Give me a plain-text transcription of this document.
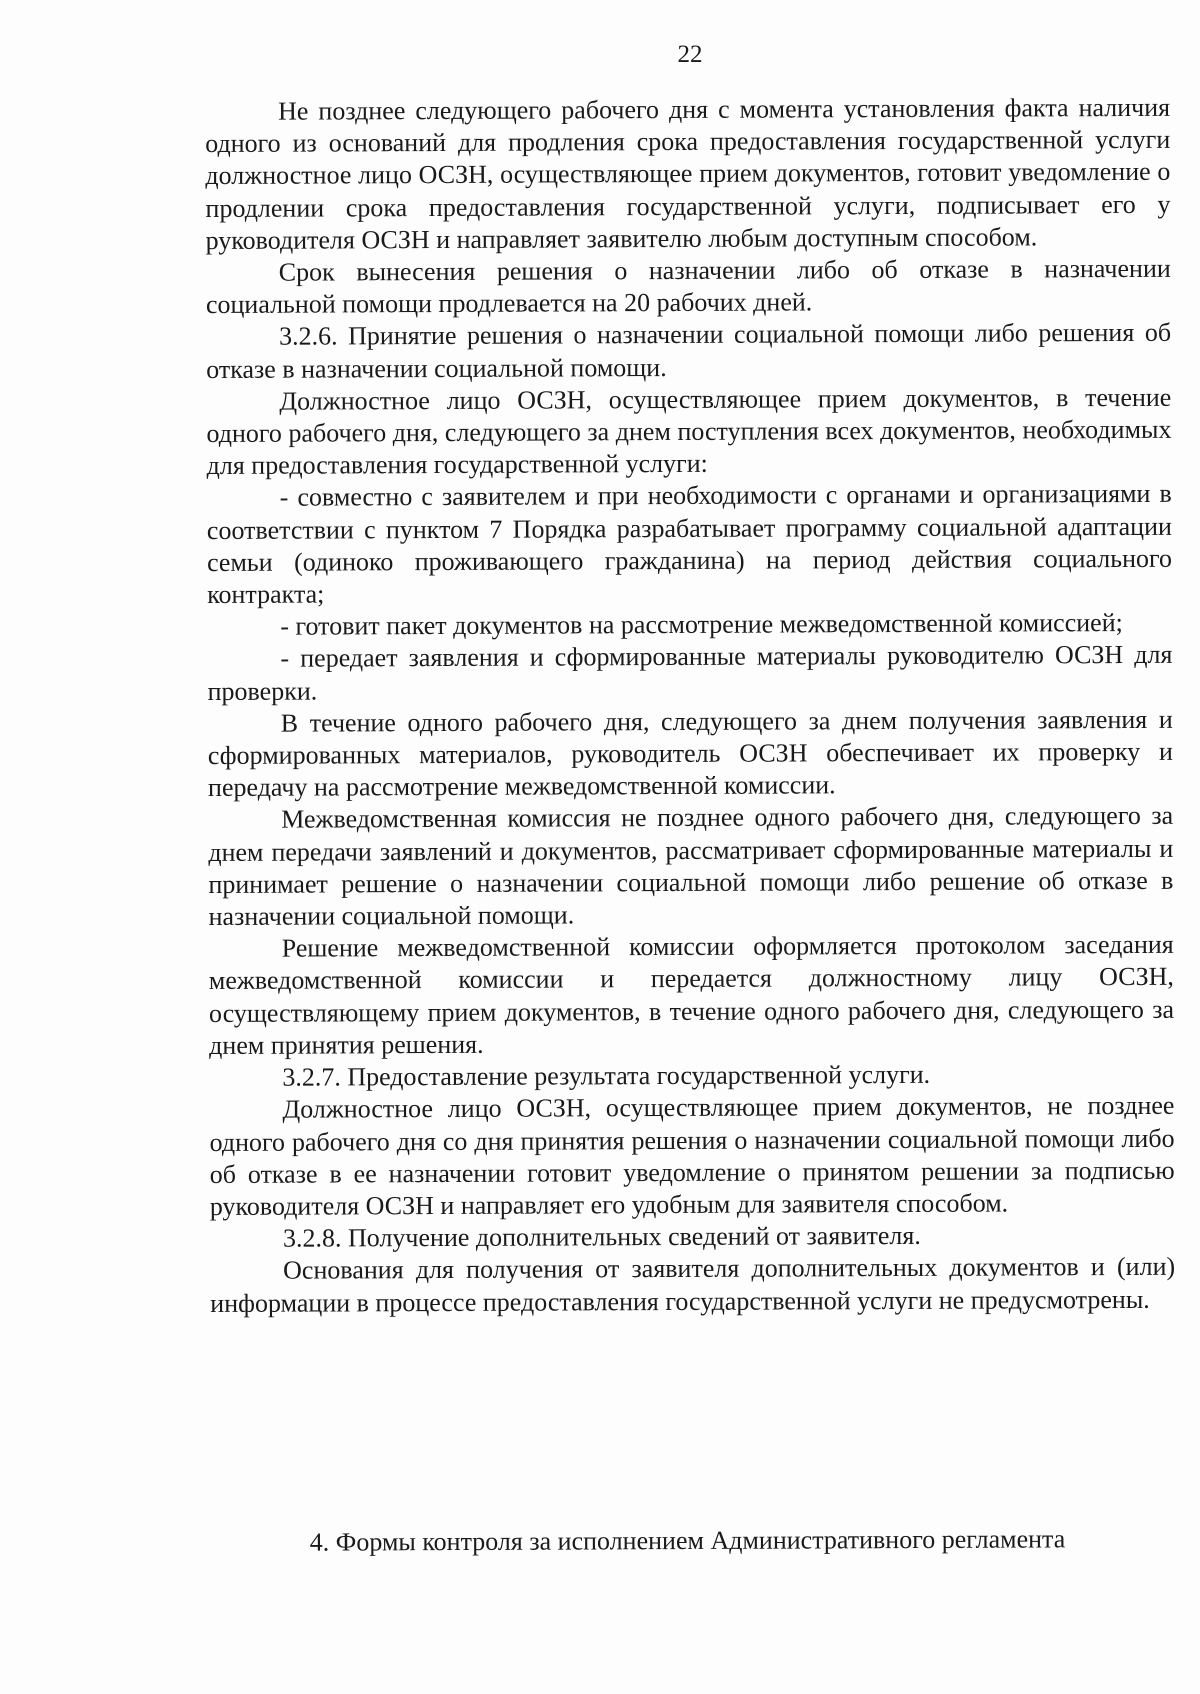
22

Не позднее следующего рабочего дня с момента установления факта наличия одного из оснований для продления срока предоставления государственной услуги должностное лицо ОСЗН, осуществляющее прием документов, готовит уведомление о продлении срока предоставления государственной услуги, подписывает его у руководителя ОСЗН и направляет заявителю любым доступным способом.

Срок вынесения решения о назначении либо об отказе в назначении социальной помощи продлевается на 20 рабочих дней.

3.2.6. Принятие решения о назначении социальной помощи либо решения об отказе в назначении социальной помощи.

Должностное лицо ОСЗН, осуществляющее прием документов, в течение одного рабочего дня, следующего за днем поступления всех документов, необходимых для предоставления государственной услуги:

- совместно с заявителем и при необходимости с органами и организациями в соответствии с пунктом 7 Порядка разрабатывает программу социальной адаптации семьи (одиноко проживающего гражданина) на период действия социального контракта;

- готовит пакет документов на рассмотрение межведомственной комиссией;

- передает заявления и сформированные материалы руководителю ОСЗН для проверки.

В течение одного рабочего дня, следующего за днем получения заявления и сформированных материалов, руководитель ОСЗН обеспечивает их проверку и передачу на рассмотрение межведомственной комиссии.

Межведомственная комиссия не позднее одного рабочего дня, следующего за днем передачи заявлений и документов, рассматривает сформированные материалы и принимает решение о назначении социальной помощи либо решение об отказе в назначении социальной помощи.

Решение межведомственной комиссии оформляется протоколом заседания межведомственной комиссии и передается должностному лицу ОСЗН, осуществляющему прием документов, в течение одного рабочего дня, следующего за днем принятия решения.

3.2.7. Предоставление результата государственной услуги.

Должностное лицо ОСЗН, осуществляющее прием документов, не позднее одного рабочего дня со дня принятия решения о назначении социальной помощи либо об отказе в ее назначении готовит уведомление о принятом решении за подписью руководителя ОСЗН и направляет его удобным для заявителя способом.

3.2.8. Получение дополнительных сведений от заявителя.

Основания для получения от заявителя дополнительных документов и (или) информации в процессе предоставления государственной услуги не предусмотрены.

4. Формы контроля за исполнением Административного регламента
